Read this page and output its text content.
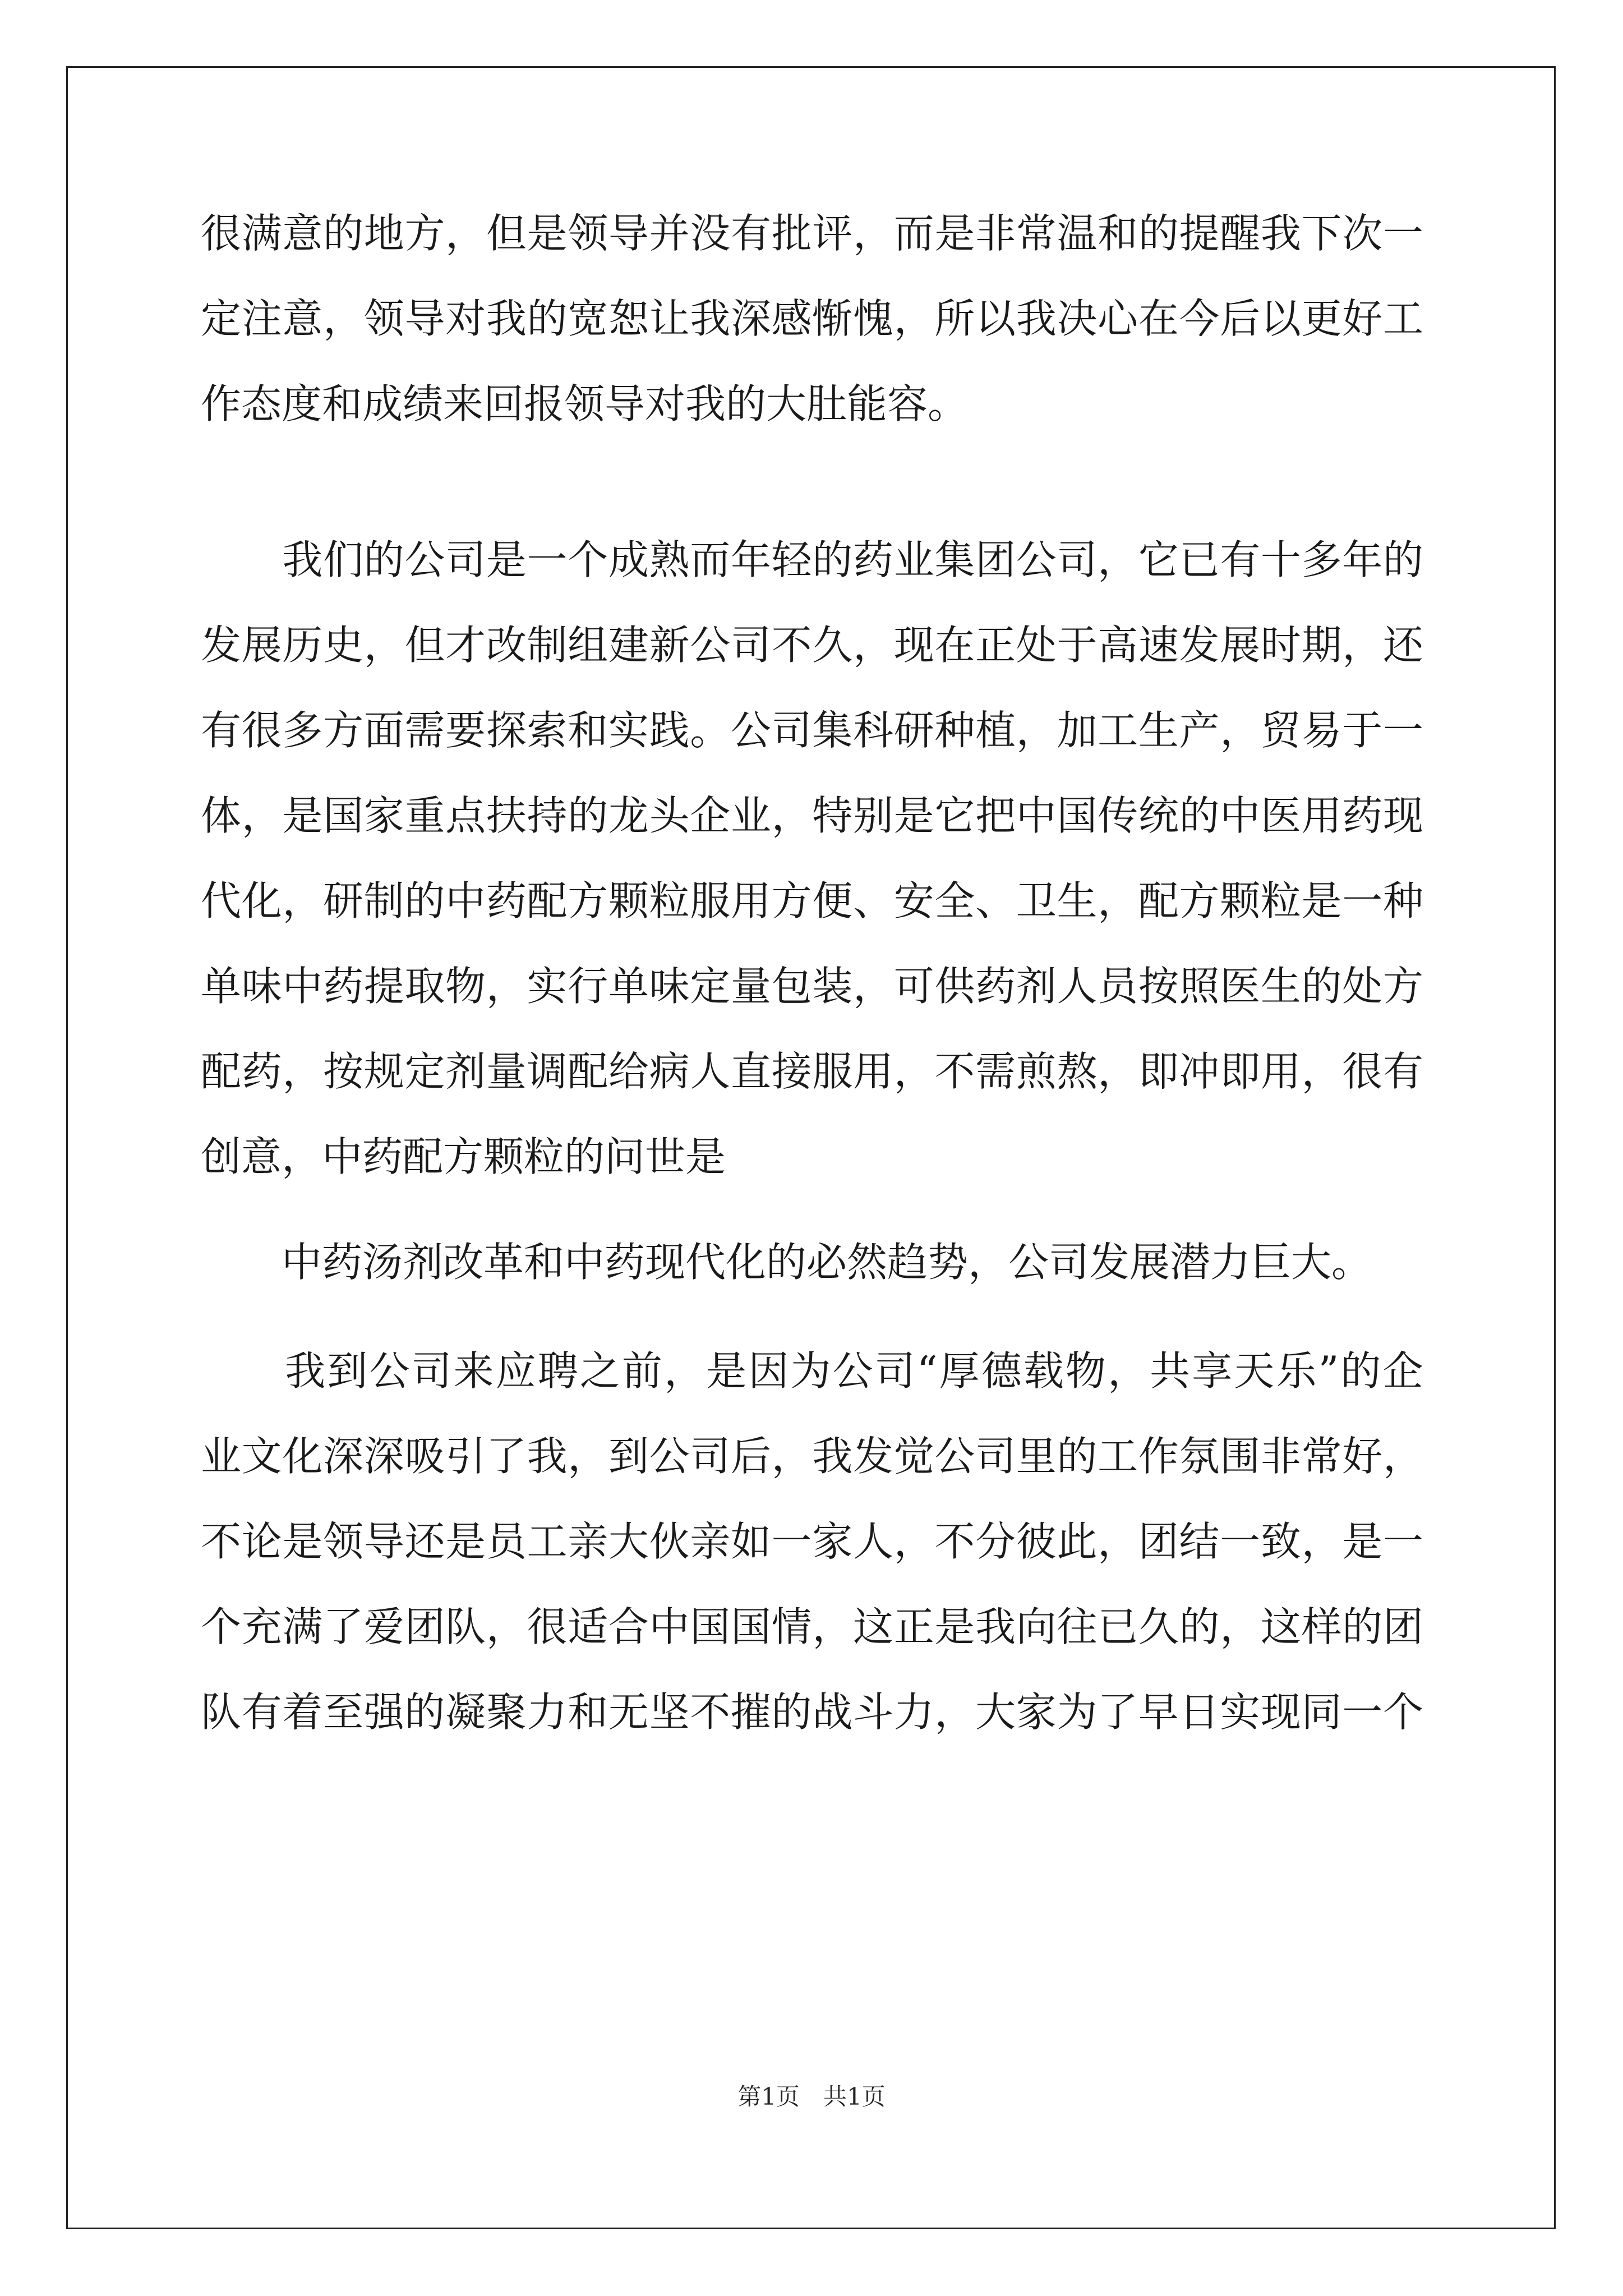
很满意的地方，但是领导并没有批评，而是非常温和的提醒我下次一
定注意，领导对我的宽恕让我深感惭愧，所以我决心在今后以更好工
作态度和成绩来回报领导对我的大肚能容。
　　我们的公司是一个成熟而年轻的药业集团公司，它已有十多年的
发展历史，但才改制组建新公司不久，现在正处于高速发展时期，还
有很多方面需要探索和实践。公司集科研种植，加工生产，贸易于一
体，是国家重点扶持的龙头企业，特别是它把中国传统的中医用药现
代化，研制的中药配方颗粒服用方便、安全、卫生，配方颗粒是一种
单味中药提取物，实行单味定量包装，可供药剂人员按照医生的处方
配药，按规定剂量调配给病人直接服用，不需煎熬，即冲即用，很有
创意，中药配方颗粒的问世是
　　中药汤剂改革和中药现代化的必然趋势，公司发展潜力巨大。
　　我到公司来应聘之前，是因为公司“厚德载物，共享天乐”的企
业文化深深吸引了我，到公司后，我发觉公司里的工作氛围非常好，
不论是领导还是员工亲大伙亲如一家人，不分彼此，团结一致，是一
个充满了爱团队，很适合中国国情，这正是我向往已久的，这样的团
队有着至强的凝聚力和无坚不摧的战斗力，大家为了早日实现同一个
第1页　共1页
